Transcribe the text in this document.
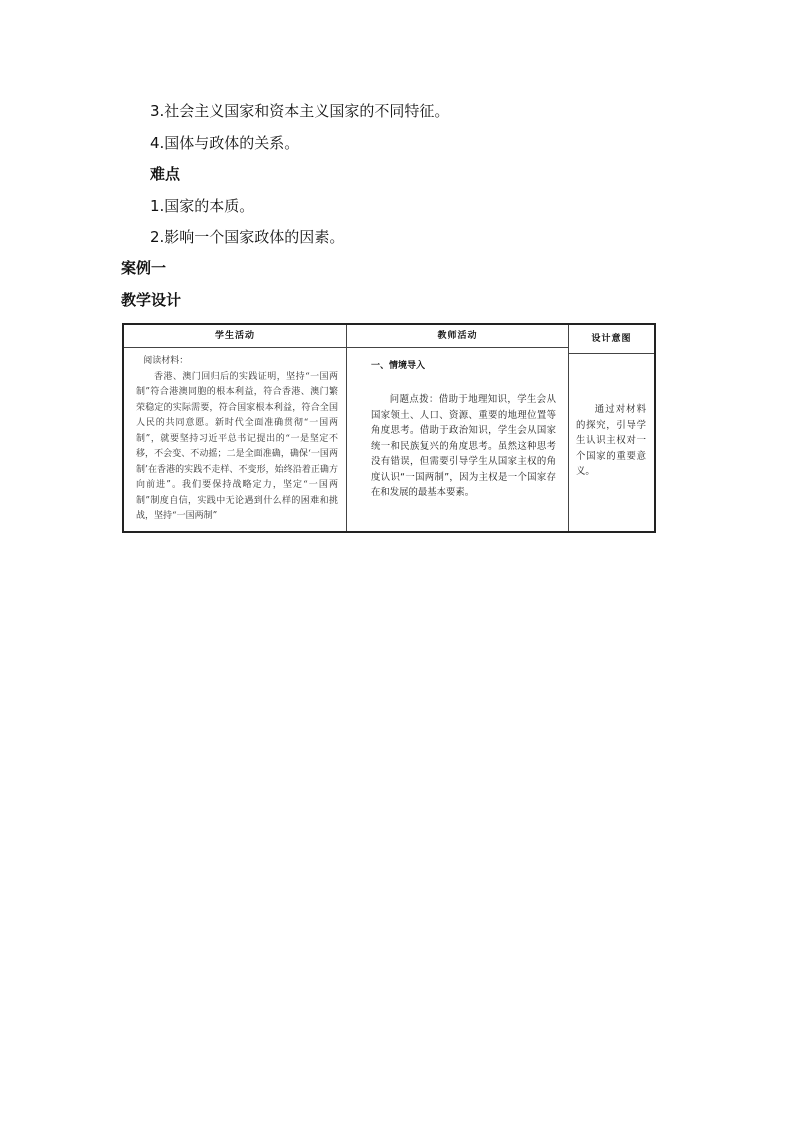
3.社会主义国家和资本主义国家的不同特征。
4.国体与政体的关系。
难点
1.国家的本质。
2.影响一个国家政体的因素。
案例一
教学设计
学生活动

阅读材料：

香港、澳门回归后的实践证明，坚持“一国两制”符合港澳同胞的根本利益，符合香港、澳门繁荣稳定的实际需要，符合国家根本利益，符合全国人民的共同意愿。新时代全面准确贯彻“一国两制”，就要坚持习近平总书记提出的“一是坚定不移，不会变、不动摇；二是全面准确，确保‘一国两制’在香港的实践不走样、不变形，始终沿着正确方向前进”。我们要保持战略定力，坚定“一国两制”制度自信，实践中无论遇到什么样的困难和挑战，坚持“一国两制”

教师活动
一、情境导入

问题点拨：借助于地理知识，学生会从国家领土、人口、资源、重要的地理位置等角度思考。借助于政治知识，学生会从国家统一和民族复兴的角度思考。虽然这种思考没有错误，但需要引导学生从国家主权的角度认识“一国两制”，因为主权是一个国家存在和发展的最基本要素。

设计意图

通过对材料的探究，引导学生认识主权对一个国家的重要意义。
